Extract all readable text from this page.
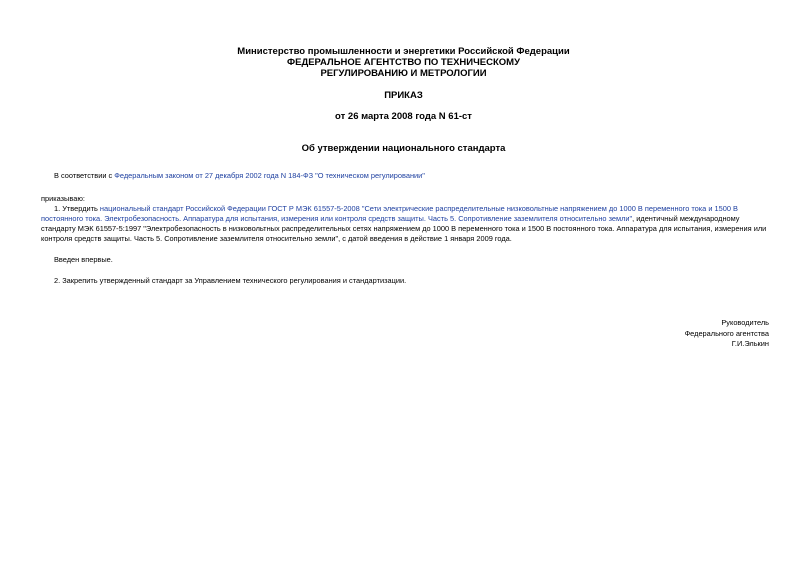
Министерство промышленности и энергетики Российской Федерации
ФЕДЕРАЛЬНОЕ АГЕНТСТВО ПО ТЕХНИЧЕСКОМУ
РЕГУЛИРОВАНИЮ И МЕТРОЛОГИИ
ПРИКАЗ
от 26 марта 2008 года N 61-ст
Об утверждении национального стандарта
В соответствии с Федеральным законом от 27 декабря 2002 года N 184-ФЗ "О техническом регулировании"
приказываю:
1. Утвердить национальный стандарт Российской Федерации ГОСТ Р МЭК 61557-5-2008 "Сети электрические распределительные низковольтные напряжением до 1000 В переменного тока и 1500 В постоянного тока. Электробезопасность. Аппаратура для испытания, измерения или контроля средств защиты. Часть 5. Сопротивление заземлителя относительно земли", идентичный международному стандарту МЭК 61557-5:1997 "Электробезопасность в низковольтных распределительных сетях напряжением до 1000 В переменного тока и 1500 В постоянного тока. Аппаратура для испытания, измерения или контроля средств защиты. Часть 5. Сопротивление заземлителя относительно земли", с датой введения в действие 1 января 2009 года.
Введен впервые.
2. Закрепить утвержденный стандарт за Управлением технического регулирования и стандартизации.
Руководитель
Федерального агентства
Г.И.Элькин
